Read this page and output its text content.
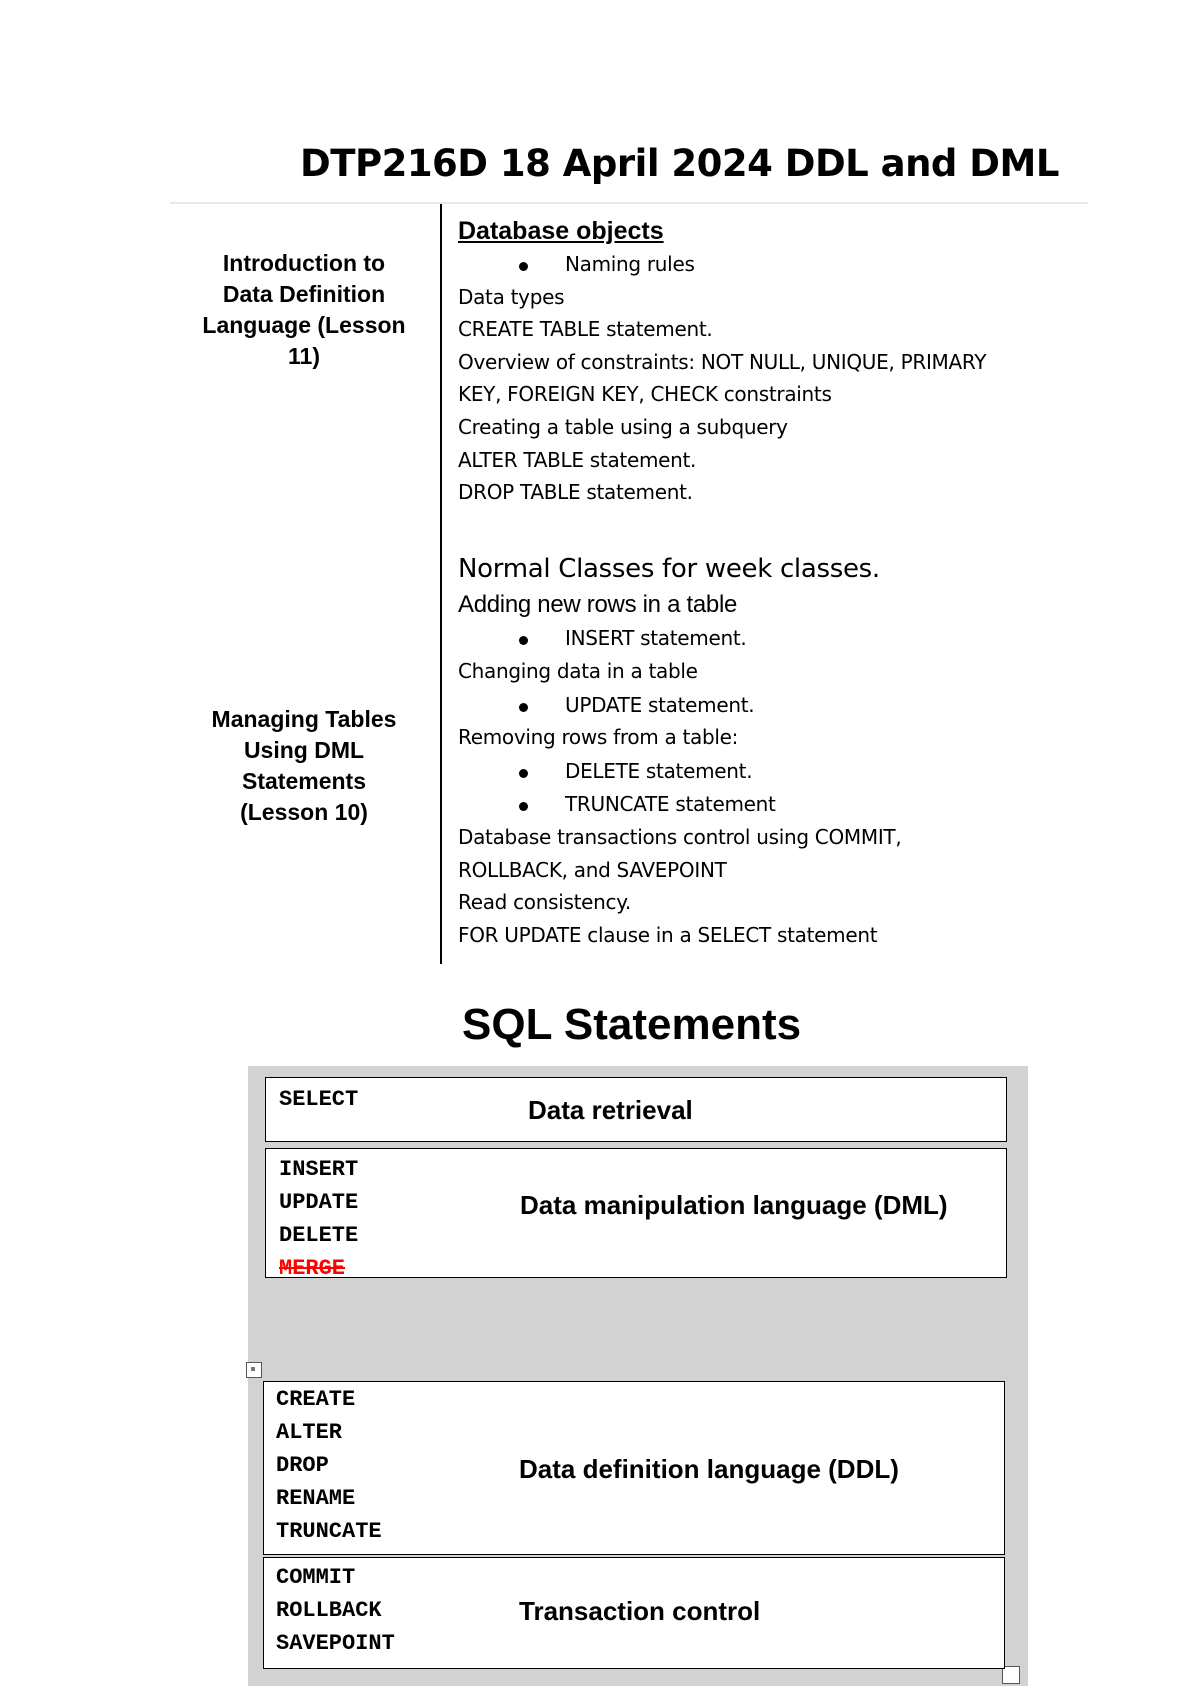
DTP216D 18 April 2024 DDL and DML
Introduction to
Data Definition
Language (Lesson
11)
Managing Tables
Using DML
Statements
(Lesson 10)
Database objects
Naming rules
Data types
CREATE TABLE statement.
Overview of constraints: NOT NULL, UNIQUE, PRIMARY
KEY, FOREIGN KEY, CHECK constraints
Creating a table using a subquery
ALTER TABLE statement.
DROP TABLE statement.
Normal Classes for week classes.
Adding new rows in a table
INSERT statement.
Changing data in a table
UPDATE statement.
Removing rows from a table:
DELETE statement.
TRUNCATE statement
Database transactions control using COMMIT,
ROLLBACK, and SAVEPOINT
Read consistency.
FOR UPDATE clause in a SELECT statement
SQL Statements
SELECT	Data retrieval
INSERT
UPDATE
DELETE
MERGE
Data manipulation language (DML)
CREATE
ALTER
DROP
RENAME
TRUNCATE
Data definition language (DDL)
COMMIT
ROLLBACK
SAVEPOINT
Transaction control
